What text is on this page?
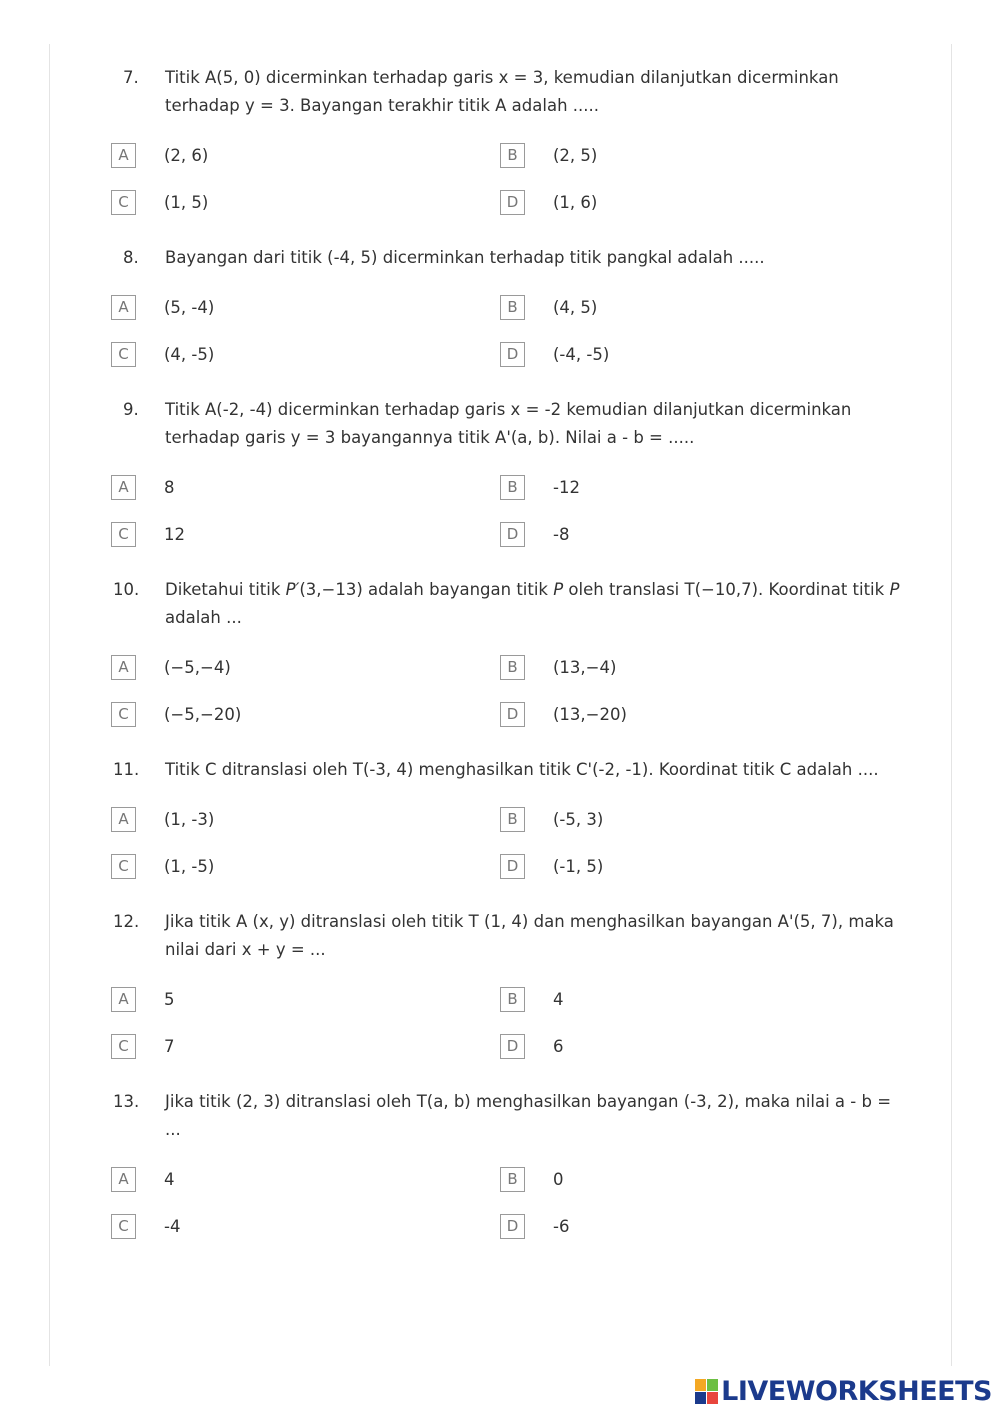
7.	Titik A(5, 0) dicerminkan terhadap garis x = 3, kemudian dilanjutkan dicerminkan terhadap y = 3. Bayangan terakhir titik A adalah .....
A	(2, 6)	B	(2, 5)
C	(1, 5)	D	(1, 6)
8.	Bayangan dari titik (-4, 5) dicerminkan terhadap titik pangkal adalah .....
A	(5, -4)	B	(4, 5)
C	(4, -5)	D	(-4, -5)
9.	Titik A(-2, -4) dicerminkan terhadap garis x = -2 kemudian dilanjutkan dicerminkan terhadap garis y = 3 bayangannya titik A'(a, b). Nilai a - b = .....
A	8	B	-12
C	12	D	-8
10.	Diketahui titik P′(3,−13) adalah bayangan titik P oleh translasi T(−10,7). Koordinat titik P adalah ...
A	(−5,−4)	B	(13,−4)
C	(−5,−20)	D	(13,−20)
11.	Titik C ditranslasi oleh T(-3, 4) menghasilkan titik C'(-2, -1). Koordinat titik C adalah ....
A	(1, -3)	B	(-5, 3)
C	(1, -5)	D	(-1, 5)
12.	Jika titik A (x, y) ditranslasi oleh titik T (1, 4) dan menghasilkan bayangan A'(5, 7), maka nilai dari x + y = ...
A	5	B	4
C	7	D	6
13.	Jika titik (2, 3) ditranslasi oleh T(a, b) menghasilkan bayangan (-3, 2), maka nilai a - b = ...
A	4	B	0
C	-4	D	-6
LIVEWORKSHEETS
